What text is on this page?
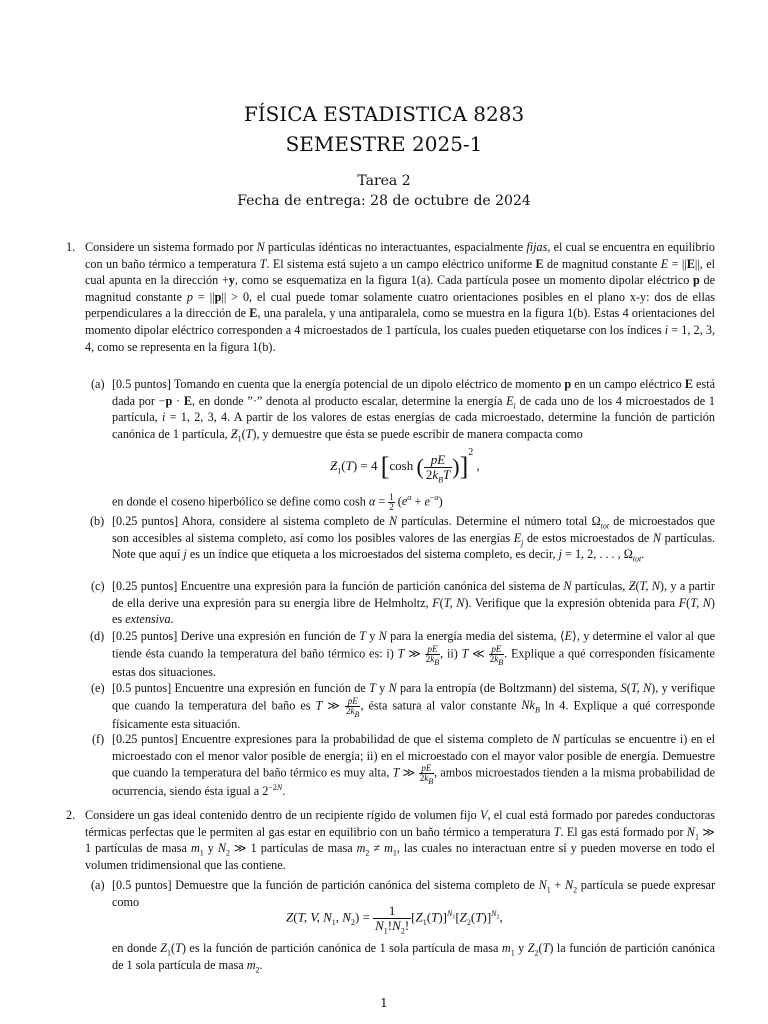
FÍSICA ESTADISTICA 8283
SEMESTRE 2025-1
Tarea 2
Fecha de entrega: 28 de octubre de 2024
1. Considere un sistema formado por N partículas idénticas no interactuantes, espacialmente fijas, el cual se encuentra en equilibrio con un baño térmico a temperatura T. El sistema está sujeto a un campo eléctrico uniforme E de magnitud constante E = ||E||, el cual apunta en la dirección +y, como se esquematiza en la figura 1(a). Cada partícula posee un momento dipolar eléctrico p de magnitud constante p = ||p|| > 0, el cual puede tomar solamente cuatro orientaciones posibles en el plano x-y: dos de ellas perpendiculares a la dirección de E, una paralela, y una antiparalela, como se muestra en la figura 1(b). Estas 4 orientaciones del momento dipolar eléctrico corresponden a 4 microestados de 1 partícula, los cuales pueden etiquetarse con los índices i = 1, 2, 3, 4, como se representa en la figura 1(b).
(a) [0.5 puntos] Tomando en cuenta que la energía potencial de un dipolo eléctrico de momento p en un campo eléctrico E está dada por −p · E, en donde ”·” denota al producto escalar, determine la energía $E_i$ de cada uno de los 4 microestados de 1 partícula, i = 1, 2, 3, 4. A partir de los valores de estas energías de cada microestado, determine la función de partición canónica de 1 partícula, $Ƶ_1(T)$, y demuestre que ésta se puede escribir de manera compacta como
$Ƶ_1(T) = 4$ [cosh ( pE
$2k_BT$ )]$^2$ ,
en donde el coseno hiperbólico se define como $\cosh \alpha = \frac{1}{2} (e^\alpha + e^{-\alpha})$
(b) [0.25 puntos] Ahora, considere al sistema completo de N partículas. Determine el número total $\Omega_{tot}$ de microestados que son accesibles al sistema completo, así como los posibles valores de las energías $E_j$ de estos microestados de N partículas. Note que aquí j es un índice que etiqueta a los microestados del sistema completo, es decir, j = 1, 2, . . . , $\Omega_{tot}$.
(c) [0.25 puntos] Encuentre una expresión para la función de partición canónica del sistema de N partículas, Ƶ(T, N), y a partir de ella derive una expresión para su energía libre de Helmholtz, F(T, N). Verifique que la expresión obtenida para F(T, N) es extensiva.
(d) [0.25 puntos] Derive una expresión en función de T y N para la energía media del sistema, ⟨E⟩, y determine el valor al que tiende ésta cuando la temperatura del baño térmico es: i) T ≫ $\frac{pE}{2k_B}$ , ii) T ≪ $\frac{pE}{2k_B}$ . Explique a qué corresponden físicamente estas dos situaciones.
(e) [0.5 puntos] Encuentre una expresión en función de T y N para la entropía (de Boltzmann) del sistema, S(T, N), y verifique que cuando la temperatura del baño es T ≫ $\frac{pE}{2k_B}$ , ésta satura al valor constante $Nk_B$ ln 4. Explique a qué corresponde físicamente esta situación.
(f) [0.25 puntos] Encuentre expresiones para la probabilidad de que el sistema completo de N partículas se encuentre i) en el microestado con el menor valor posible de energía; ii) en el microestado con el mayor valor posible de energía. Demuestre que cuando la temperatura del baño térmico es muy alta, T ≫ $\frac{pE}{2k_B}$ , ambos microestados tienden a la misma probabilidad de ocurrencia, siendo ésta igual a $2^{-2N}$.
2. Considere un gas ideal contenido dentro de un recipiente rígido de volumen fijo V, el cual está formado por paredes conductoras térmicas perfectas que le permiten al gas estar en equilibrio con un baño térmico a temperatura T. El gas está formado por $N_1$ ≫ 1 partículas de masa $m_1$ y $N_2$ ≫ 1 partículas de masa $m_2 \ne m_1$, las cuales no interactuan entre sí y pueden moverse en todo el volumen tridimensional que las contiene.
(a) [0.5 puntos] Demuestre que la función de partición canónica del sistema completo de $N_1 + N_2$ partícula se puede expresar como
Z(T, V, $N_1$, $N_2) = \frac{1}{N_1!N_2!} [Z_1(T)]^{N_1}[Z_2(T)]^{N_2}$,
en donde $Z_1(T)$ es la función de partición canónica de 1 sola partícula de masa $m_1$ y $Z_2(T)$ la función de partición canónica de 1 sola partícula de masa $m_2$.
1
